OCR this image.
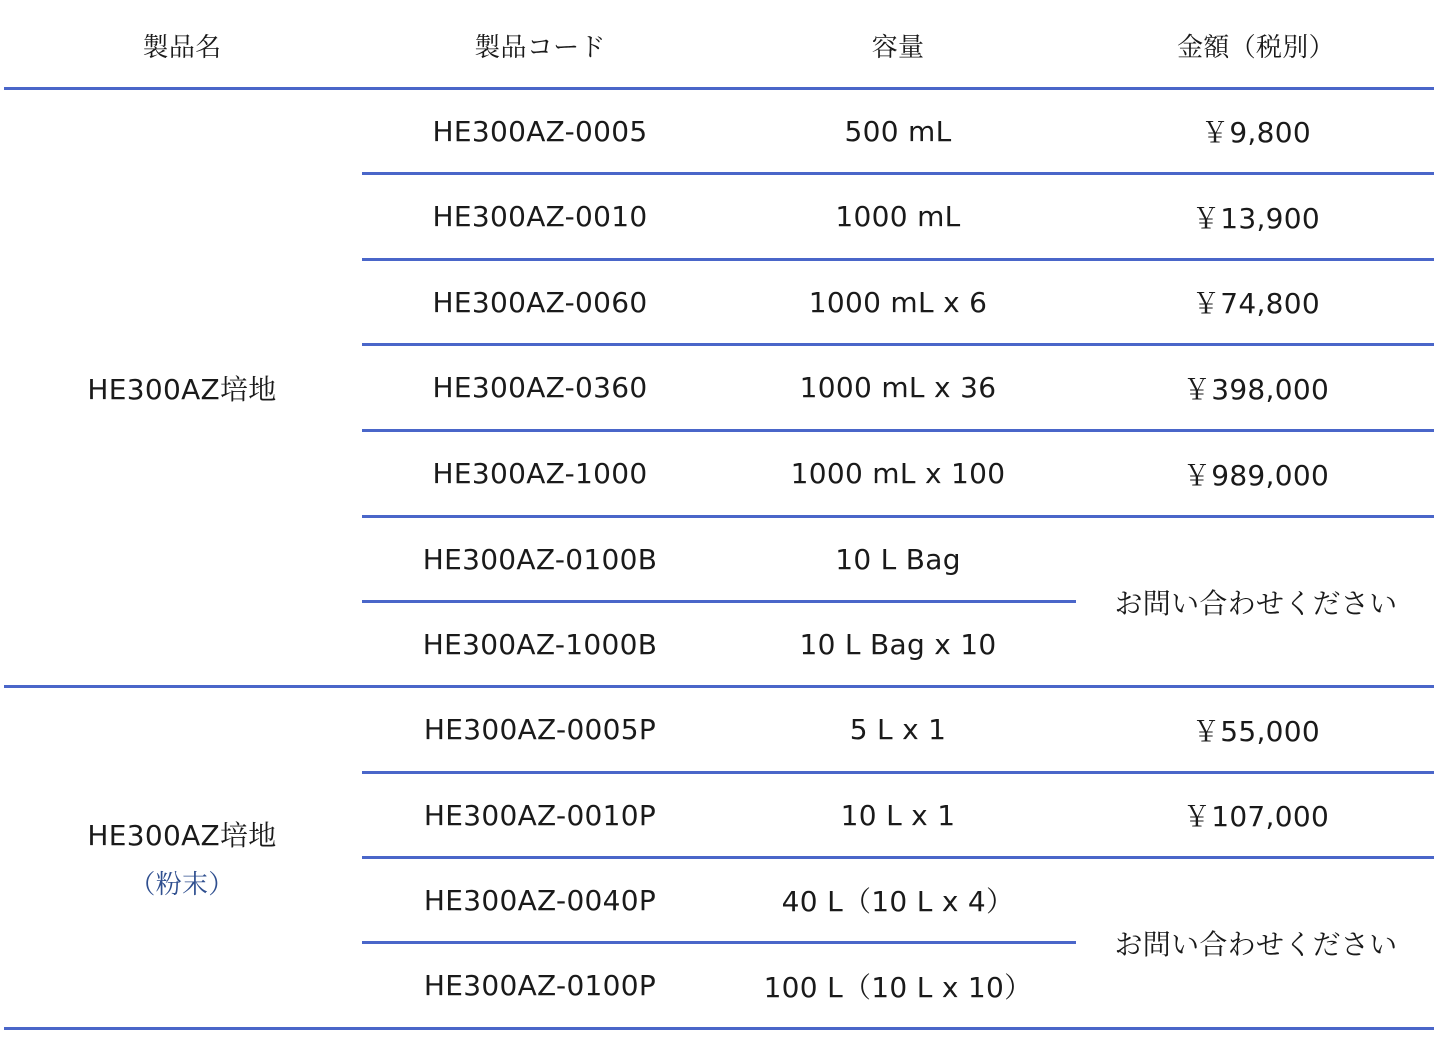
製品名	製品コード	容量	金額（税別）
HE300AZ培地
HE300AZ-0005	500 mL	￥9,800
HE300AZ-0010	1000 mL	￥13,900
HE300AZ-0060	1000 mL x 6	￥74,800
HE300AZ-0360	1000 mL x 36	￥398,000
HE300AZ-1000	1000 mL x 100	￥989,000
HE300AZ-0100B	10 L Bag
HE300AZ-1000B	10 L Bag x 10
お問い合わせください
HE300AZ培地
（粉末）
HE300AZ-0005P	5 L x 1	￥55,000
HE300AZ-0010P	10 L x 1	￥107,000
HE300AZ-0040P	40 L（10 L x 4）
HE300AZ-0100P	100 L（10 L x 10）
お問い合わせください
